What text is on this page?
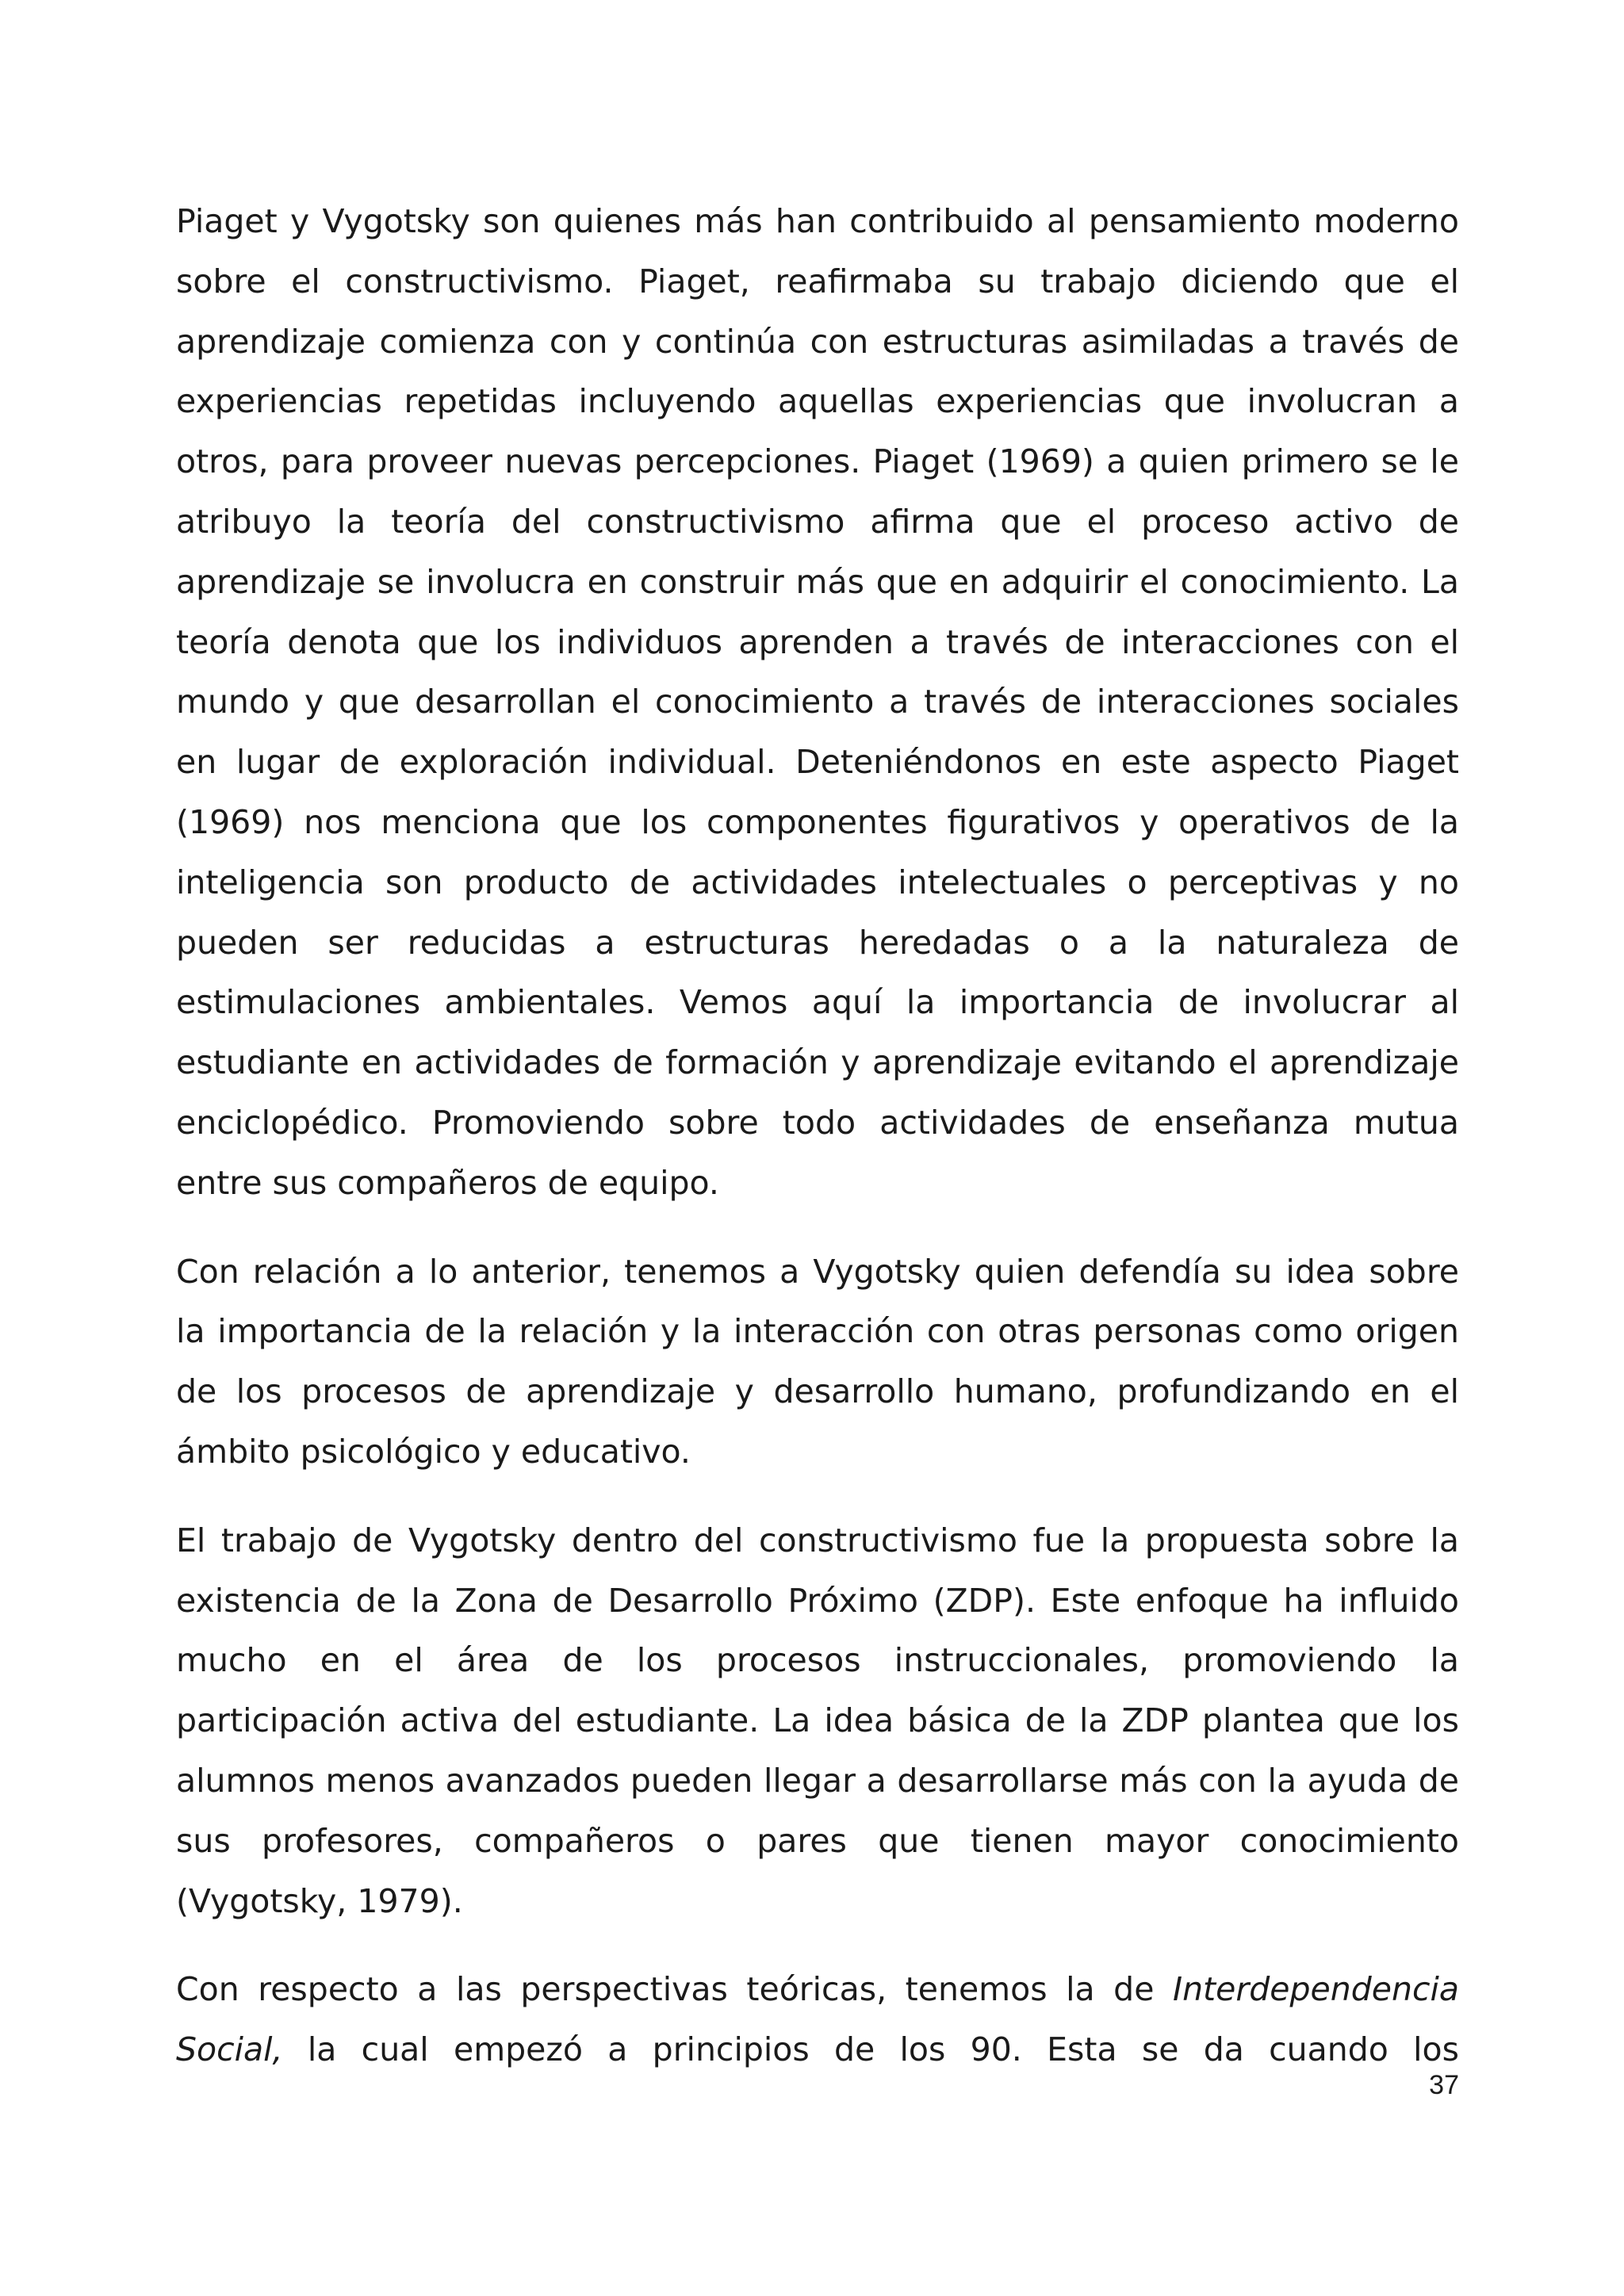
Piaget y Vygotsky son quienes más han contribuido al pensamiento moderno sobre el constructivismo. Piaget, reafirmaba su trabajo diciendo que el aprendizaje comienza con y continúa con estructuras asimiladas a través de experiencias repetidas incluyendo aquellas experiencias que involucran a otros, para proveer nuevas percepciones. Piaget (1969) a quien primero se le atribuyo la teoría del constructivismo afirma que el proceso activo de aprendizaje se involucra en construir más que en adquirir el conocimiento. La teoría denota que los individuos aprenden a través de interacciones con el mundo y que desarrollan el conocimiento a través de interacciones sociales en lugar de exploración individual. Deteniéndonos en este aspecto Piaget (1969) nos menciona que los componentes figurativos y operativos de la inteligencia son producto de actividades intelectuales o perceptivas y no pueden ser reducidas a estructuras heredadas o a la naturaleza de estimulaciones ambientales. Vemos aquí la importancia de involucrar al estudiante en actividades de formación y aprendizaje evitando el aprendizaje enciclopédico. Promoviendo sobre todo actividades de enseñanza mutua entre sus compañeros de equipo.

Con relación a lo anterior, tenemos a Vygotsky quien defendía su idea sobre la importancia de la relación y la interacción con otras personas como origen de los procesos de aprendizaje y desarrollo humano, profundizando en el ámbito psicológico y educativo.

El trabajo de Vygotsky dentro del constructivismo fue la propuesta sobre la existencia de la Zona de Desarrollo Próximo (ZDP). Este enfoque ha influido mucho en el área de los procesos instruccionales, promoviendo la participación activa del estudiante. La idea básica de la ZDP plantea que los alumnos menos avanzados pueden llegar a desarrollarse más con la ayuda de sus profesores, compañeros o pares que tienen mayor conocimiento (Vygotsky, 1979).

Con respecto a las perspectivas teóricas, tenemos la de Interdependencia Social, la cual empezó a principios de los 90. Esta se da cuando los

37
